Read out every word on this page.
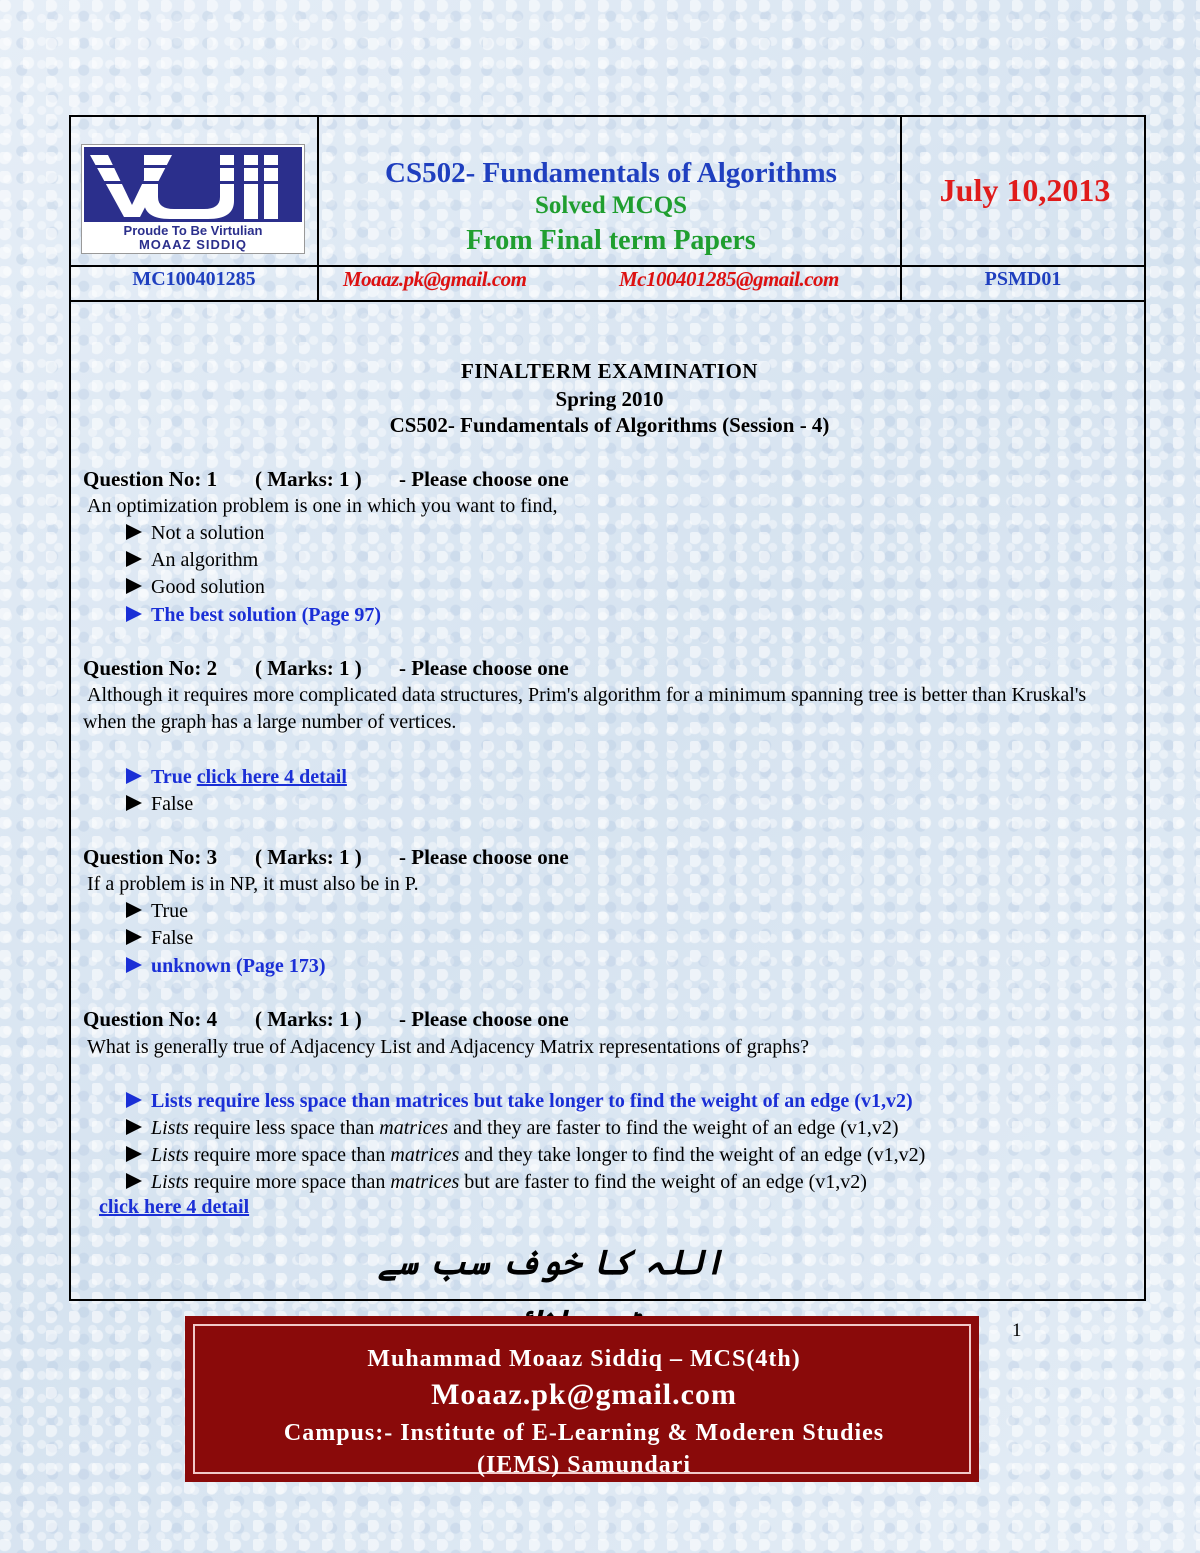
Proude To Be Virtulian
MOAAZ SIDDIQ
CS502- Fundamentals of Algorithms
Solved MCQS
From Final term Papers
July 10,2013
MC100401285	Moaaz.pk@gmail.com	Mc100401285@gmail.com	PSMD01
FINALTERM EXAMINATION
Spring 2010
CS502- Fundamentals of Algorithms (Session - 4)
Question No: 1 ( Marks: 1 ) - Please choose one
An optimization problem is one in which you want to find,
Not a solution
An algorithm
Good solution
The best solution (Page 97)
Question No: 2 ( Marks: 1 ) - Please choose one
Although it requires more complicated data structures, Prim's algorithm for a minimum spanning tree is better than Kruskal's when the graph has a large number of vertices.
True click here 4 detail
False
Question No: 3 ( Marks: 1 ) - Please choose one
If a problem is in NP, it must also be in P.
True
False
unknown (Page 173)
Question No: 4 ( Marks: 1 ) - Please choose one
What is generally true of Adjacency List and Adjacency Matrix representations of graphs?
Lists require less space than matrices but take longer to find the weight of an edge (v1,v2)
Lists require less space than matrices and they are faster to find the weight of an edge (v1,v2)
Lists require more space than matrices and they take longer to find the weight of an edge (v1,v2)
Lists require more space than matrices but are faster to find the weight of an edge (v1,v2)
click here 4 detail
اللہ کا خوف سب سے
Muhammad Moaaz Siddiq – MCS(4th)
Moaaz.pk@gmail.com
Campus:- Institute of E-Learning & Moderen Studies
(IEMS) Samundari
1
